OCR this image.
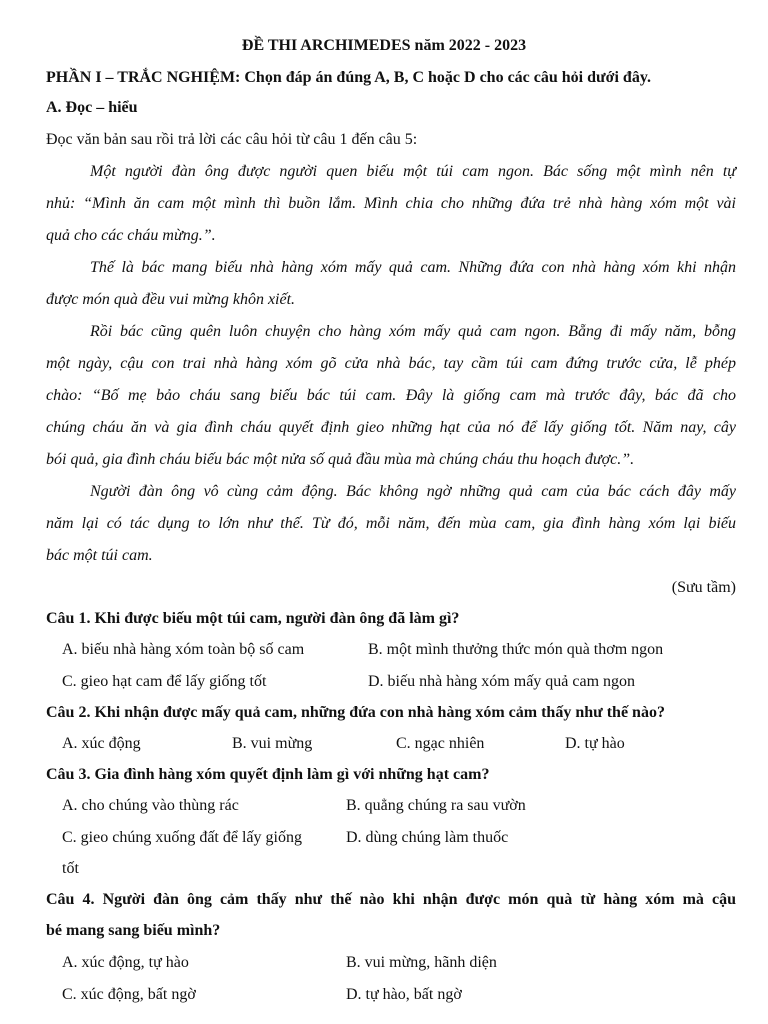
ĐỀ THI ARCHIMEDES năm 2022 - 2023
PHẦN I – TRẮC NGHIỆM: Chọn đáp án đúng A, B, C hoặc D cho các câu hỏi dưới đây.
A. Đọc – hiểu
Đọc văn bản sau rồi trả lời các câu hỏi từ câu 1 đến câu 5:
Một người đàn ông được người quen biếu một túi cam ngon. Bác sống một mình nên tự
nhủ: “Mình ăn cam một mình thì buồn lắm. Mình chia cho những đứa trẻ nhà hàng xóm một vài
quả cho các cháu mừng.”.
Thế là bác mang biếu nhà hàng xóm mấy quả cam. Những đứa con nhà hàng xóm khi nhận
được món quà đều vui mừng khôn xiết.
Rồi bác cũng quên luôn chuyện cho hàng xóm mấy quả cam ngon. Bẵng đi mấy năm, bỗng
một ngày, cậu con trai nhà hàng xóm gõ cửa nhà bác, tay cầm túi cam đứng trước cửa, lễ phép
chào: “Bố mẹ bảo cháu sang biếu bác túi cam. Đây là giống cam mà trước đây, bác đã cho
chúng cháu ăn và gia đình cháu quyết định gieo những hạt của nó để lấy giống tốt. Năm nay, cây
bói quả, gia đình cháu biếu bác một nửa số quả đầu mùa mà chúng cháu thu hoạch được.”.
Người đàn ông vô cùng cảm động. Bác không ngờ những quả cam của bác cách đây mấy
năm lại có tác dụng to lớn như thế. Từ đó, mỗi năm, đến mùa cam, gia đình hàng xóm lại biếu
bác một túi cam.
(Sưu tầm)
Câu 1. Khi được biếu một túi cam, người đàn ông đã làm gì?
A. biếu nhà hàng xóm toàn bộ số cam	B. một mình thưởng thức món quà thơm ngon
C. gieo hạt cam để lấy giống tốt	D. biếu nhà hàng xóm mấy quả cam ngon
Câu 2. Khi nhận được mấy quả cam, những đứa con nhà hàng xóm cảm thấy như thế nào?
A. xúc động	B. vui mừng	C. ngạc nhiên	D. tự hào
Câu 3. Gia đình hàng xóm quyết định làm gì với những hạt cam?
A. cho chúng vào thùng rác	B. quẳng chúng ra sau vườn
C. gieo chúng xuống đất để lấy giống	D. dùng chúng làm thuốc
tốt
Câu 4. Người đàn ông cảm thấy như thế nào khi nhận được món quà từ hàng xóm mà cậu
bé mang sang biếu mình?
A. xúc động, tự hào	B. vui mừng, hãnh diện
C. xúc động, bất ngờ	D. tự hào, bất ngờ
